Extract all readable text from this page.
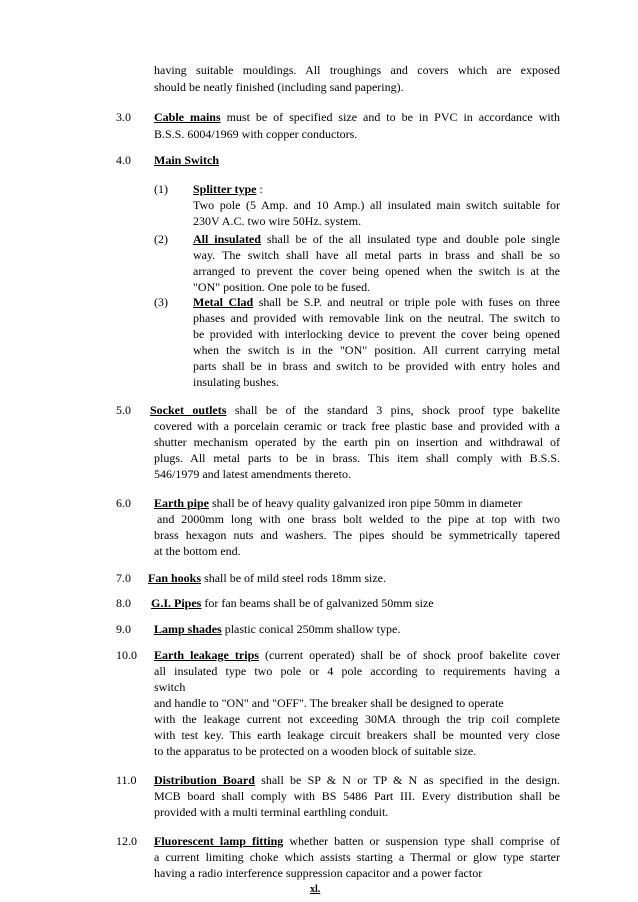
having suitable mouldings. All troughings and covers which are exposed
should be neatly finished (including sand papering).
3.0 Cable mains must be of specified size and to be in PVC in accordance with
B.S.S. 6004/1969 with copper conductors.
4.0 Main Switch
(1) Splitter type :
Two pole (5 Amp. and 10 Amp.) all insulated main switch suitable for
230V A.C. two wire 50Hz. system.
(2) All insulated shall be of the all insulated type and double pole single
way. The switch shall have all metal parts in brass and shall be so
arranged to prevent the cover being opened when the switch is at the
"ON" position. One pole to be fused.
(3) Metal Clad shall be S.P. and neutral or triple pole with fuses on three
phases and provided with removable link on the neutral. The switch to
be provided with interlocking device to prevent the cover being opened
when the switch is in the "ON" position. All current carrying metal
parts shall be in brass and switch to be provided with entry holes and
insulating bushes.
5.0 Socket outlets shall be of the standard 3 pins, shock proof type bakelite
covered with a porcelain ceramic or track free plastic base and provided with a
shutter mechanism operated by the earth pin on insertion and withdrawal of
plugs. All metal parts to be in brass. This item shall comply with B.S.S.
546/1979 and latest amendments thereto.
6.0 Earth pipe shall be of heavy quality galvanized iron pipe 50mm in diameter
and 2000mm long with one brass bolt welded to the pipe at top with two
brass hexagon nuts and washers. The pipes should be symmetrically tapered
at the bottom end.
7.0 Fan hooks shall be of mild steel rods 18mm size.
8.0 G.I. Pipes for fan beams shall be of galvanized 50mm size
9.0 Lamp shades plastic conical 250mm shallow type.
10.0 Earth leakage trips (current operated) shall be of shock proof bakelite cover
all insulated type two pole or 4 pole according to requirements having a
switch
and handle to "ON" and "OFF". The breaker shall be designed to operate
with the leakage current not exceeding 30MA through the trip coil complete
with test key. This earth leakage circuit breakers shall be mounted very close
to the apparatus to be protected on a wooden block of suitable size.
11.0 Distribution Board shall be SP & N or TP & N as specified in the design.
MCB board shall comply with BS 5486 Part III. Every distribution shall be
provided with a multi terminal earthling conduit.
12.0 Fluorescent lamp fitting whether batten or suspension type shall comprise of
a current limiting choke which assists starting a Thermal or glow type starter
having a radio interference suppression capacitor and a power factor
xl.
